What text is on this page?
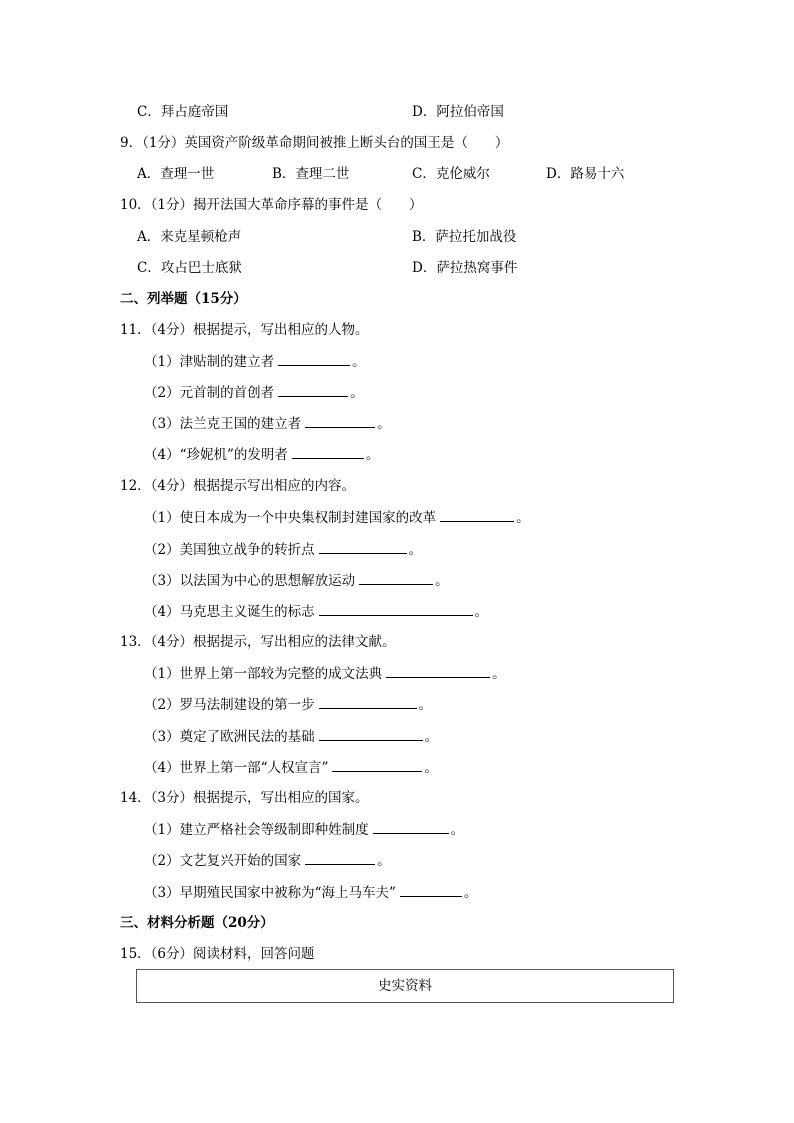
C．拜占庭帝国	D．阿拉伯帝国
9．（1分）英国资产阶级革命期间被推上断头台的国王是（　　）
A．查理一世	B．查理二世	C．克伦威尔	D．路易十六
10．（1分）揭开法国大革命序幕的事件是（　　）
A．来克星顿枪声	B．萨拉托加战役
C．攻占巴士底狱	D．萨拉热窝事件
二、列举题（15分）
11．（4分）根据提示，写出相应的人物。
（1）津贴制的建立者	。
（2）元首制的首创者	。
（3）法兰克王国的建立者	。
（4）“珍妮机”的发明者	。
12．（4分）根据提示写出相应的内容。
（1）使日本成为一个中央集权制封建国家的改革	。
（2）美国独立战争的转折点	。
（3）以法国为中心的思想解放运动	。
（4）马克思主义诞生的标志	。
13．（4分）根据提示，写出相应的法律文献。
（1）世界上第一部较为完整的成文法典	。
（2）罗马法制建设的第一步	。
（3）奠定了欧洲民法的基础	。
（4）世界上第一部“人权宣言”	。
14．（3分）根据提示，写出相应的国家。
（1）建立严格社会等级制即种姓制度	。
（2）文艺复兴开始的国家	。
（3）早期殖民国家中被称为“海上马车夫”	。
三、材料分析题（20分）
15．（6分）阅读材料，回答问题
史实资料
